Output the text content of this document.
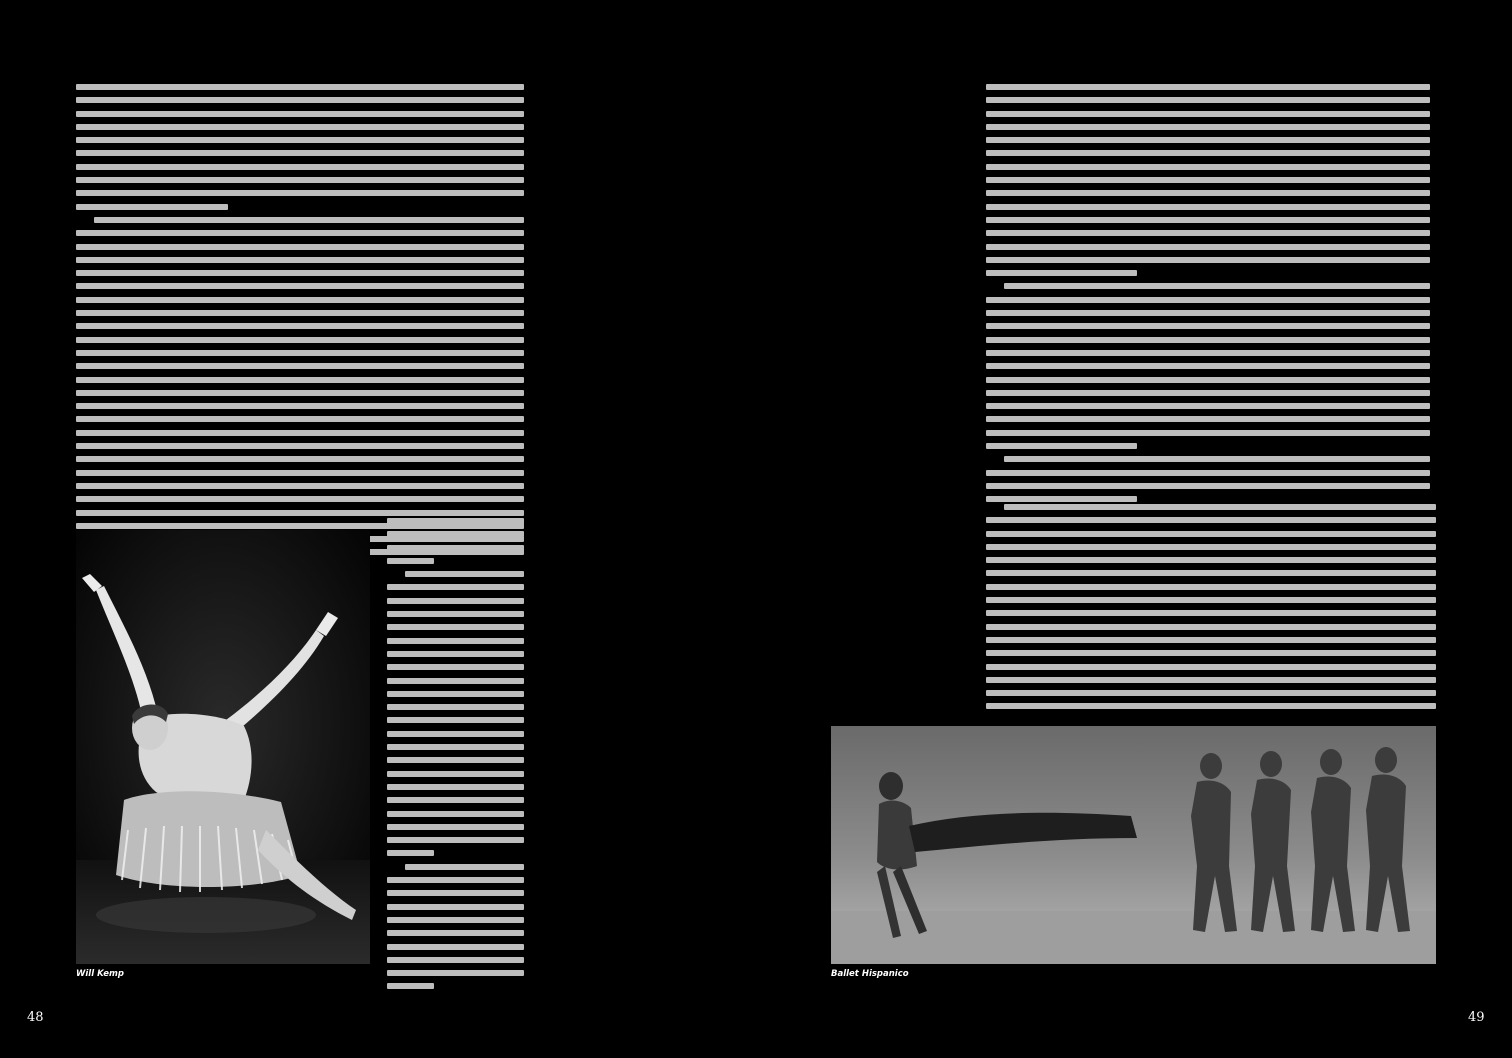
Will Kemp
48
Ballet Hispanico
49
